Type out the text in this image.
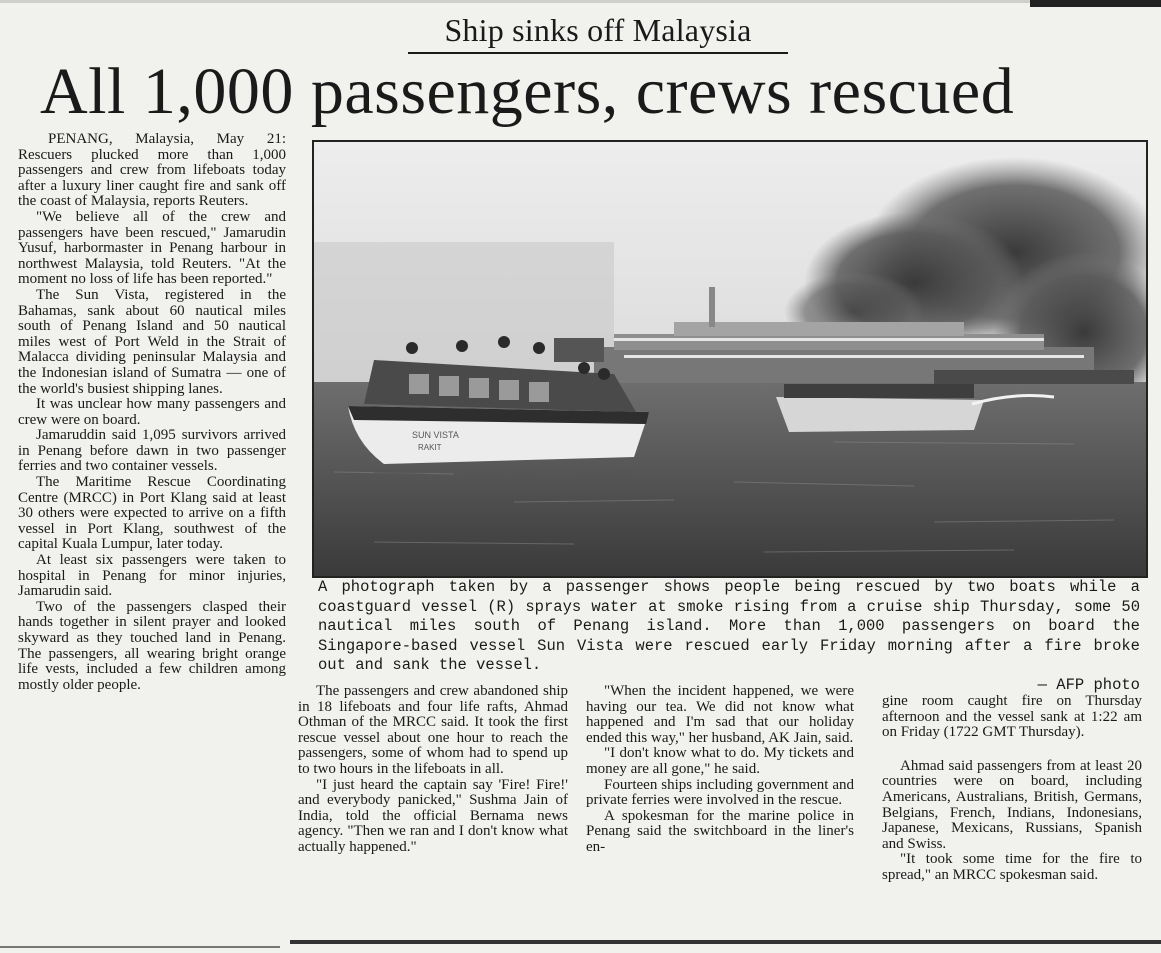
Ship sinks off Malaysia
All 1,000 passengers, crews rescued

PENANG, Malaysia, May 21: Rescuers plucked more than 1,000 passengers and crew from lifeboats today after a luxury liner caught fire and sank off the coast of Malaysia, reports Reuters.

"We believe all of the crew and passengers have been rescued," Jamarudin Yusuf, harbormaster in Penang harbour in northwest Malaysia, told Reuters. "At the moment no loss of life has been reported."

The Sun Vista, registered in the Bahamas, sank about 60 nautical miles south of Penang Island and 50 nautical miles west of Port Weld in the Strait of Malacca dividing peninsular Malaysia and the Indonesian island of Sumatra — one of the world's busiest shipping lanes.

It was unclear how many passengers and crew were on board.

Jamaruddin said 1,095 survivors arrived in Penang before dawn in two passenger ferries and two container vessels.

The Maritime Rescue Coordinating Centre (MRCC) in Port Klang said at least 30 others were expected to arrive on a fifth vessel in Port Klang, southwest of the capital Kuala Lumpur, later today.

At least six passengers were taken to hospital in Penang for minor injuries, Jamarudin said.

Two of the passengers clasped their hands together in silent prayer and looked skyward as they touched land in Penang. The passengers, all wearing bright orange life vests, included a few children among mostly older people.

SUN VISTA
RAKIT
A photograph taken by a passenger shows people being rescued by two boats while a coastguard vessel (R) sprays water at smoke rising from a cruise ship Thursday, some 50 nautical miles south of Penang island. More than 1,000 passengers on board the Singapore-based vessel Sun Vista were rescued early Friday morning after a fire broke out and sank the vessel.
— AFP photo

The passengers and crew abandoned ship in 18 lifeboats and four life rafts, Ahmad Othman of the MRCC said. It took the first rescue vessel about one hour to reach the passengers, some of whom had to spend up to two hours in the lifeboats in all.

"I just heard the captain say 'Fire! Fire!' and everybody panicked," Sushma Jain of India, told the official Bernama news agency. "Then we ran and I don't know what actually happened."

"When the incident happened, we were having our tea. We did not know what happened and I'm sad that our holiday ended this way," her husband, AK Jain, said.

"I don't know what to do. My tickets and money are all gone," he said.

Fourteen ships including government and private ferries were involved in the rescue.

A spokesman for the marine police in Penang said the switchboard in the liner's en-

gine room caught fire on Thursday afternoon and the vessel sank at 1:22 am on Friday (1722 GMT Thursday).

Ahmad said passengers from at least 20 countries were on board, including Americans, Australians, British, Germans, Belgians, French, Indians, Indonesians, Japanese, Mexicans, Russians, Spanish and Swiss.

"It took some time for the fire to spread," an MRCC spokesman said.
